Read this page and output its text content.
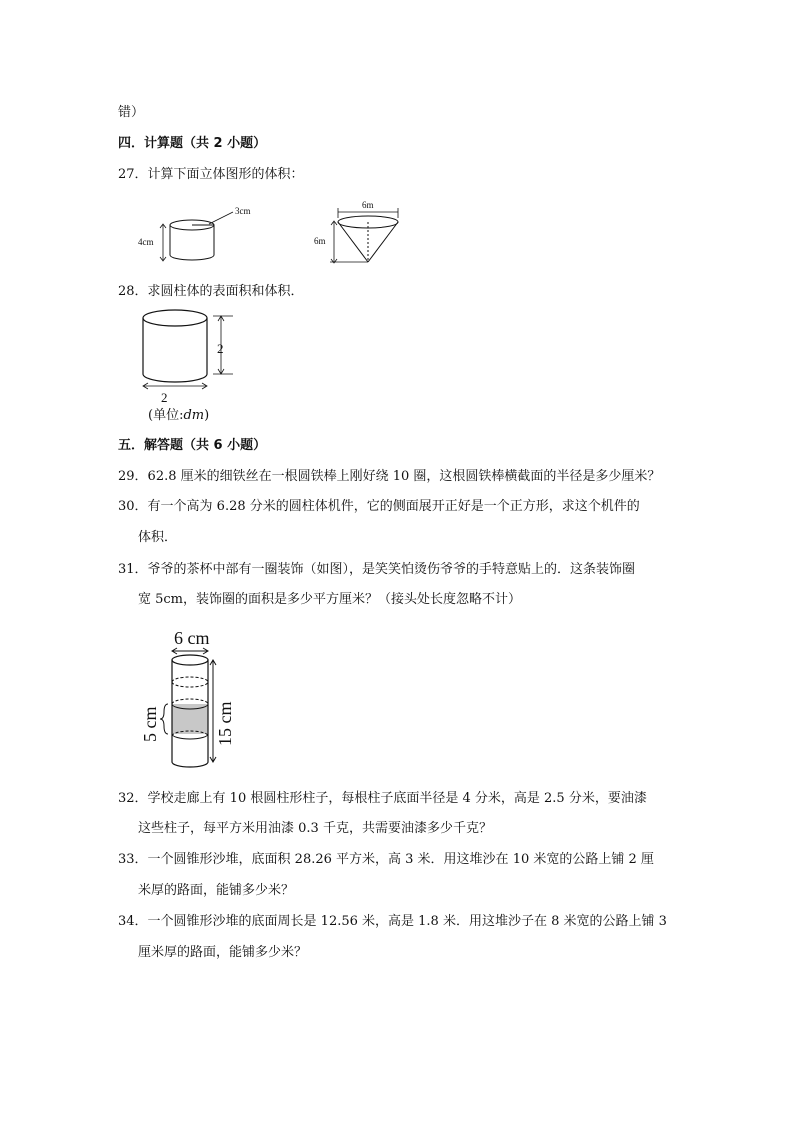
错）
四．计算题（共 2 小题）
27．计算下面立体图形的体积：
4cm
3cm
6m
6m
28．求圆柱体的表面积和体积．
2
2
(单位:dm)
五．解答题（共 6 小题）
29．62.8 厘米的细铁丝在一根圆铁棒上刚好绕 10 圈，这根圆铁棒横截面的半径是多少厘米？
30．有一个高为 6.28 分米的圆柱体机件，它的侧面展开正好是一个正方形，求这个机件的
体积．
31．爷爷的茶杯中部有一圈装饰（如图），是笑笑怕烫伤爷爷的手特意贴上的．这条装饰圈
宽 5cm，装饰圈的面积是多少平方厘米？（接头处长度忽略不计）
6 cm
5 cm	15 cm
32．学校走廊上有 10 根圆柱形柱子，每根柱子底面半径是 4 分米，高是 2.5 分米，要油漆
这些柱子，每平方米用油漆 0.3 千克，共需要油漆多少千克？
33．一个圆锥形沙堆，底面积 28.26 平方米，高 3 米．用这堆沙在 10 米宽的公路上铺 2 厘
米厚的路面，能铺多少米？
34．一个圆锥形沙堆的底面周长是 12.56 米，高是 1.8 米．用这堆沙子在 8 米宽的公路上铺 3
厘米厚的路面，能铺多少米？
